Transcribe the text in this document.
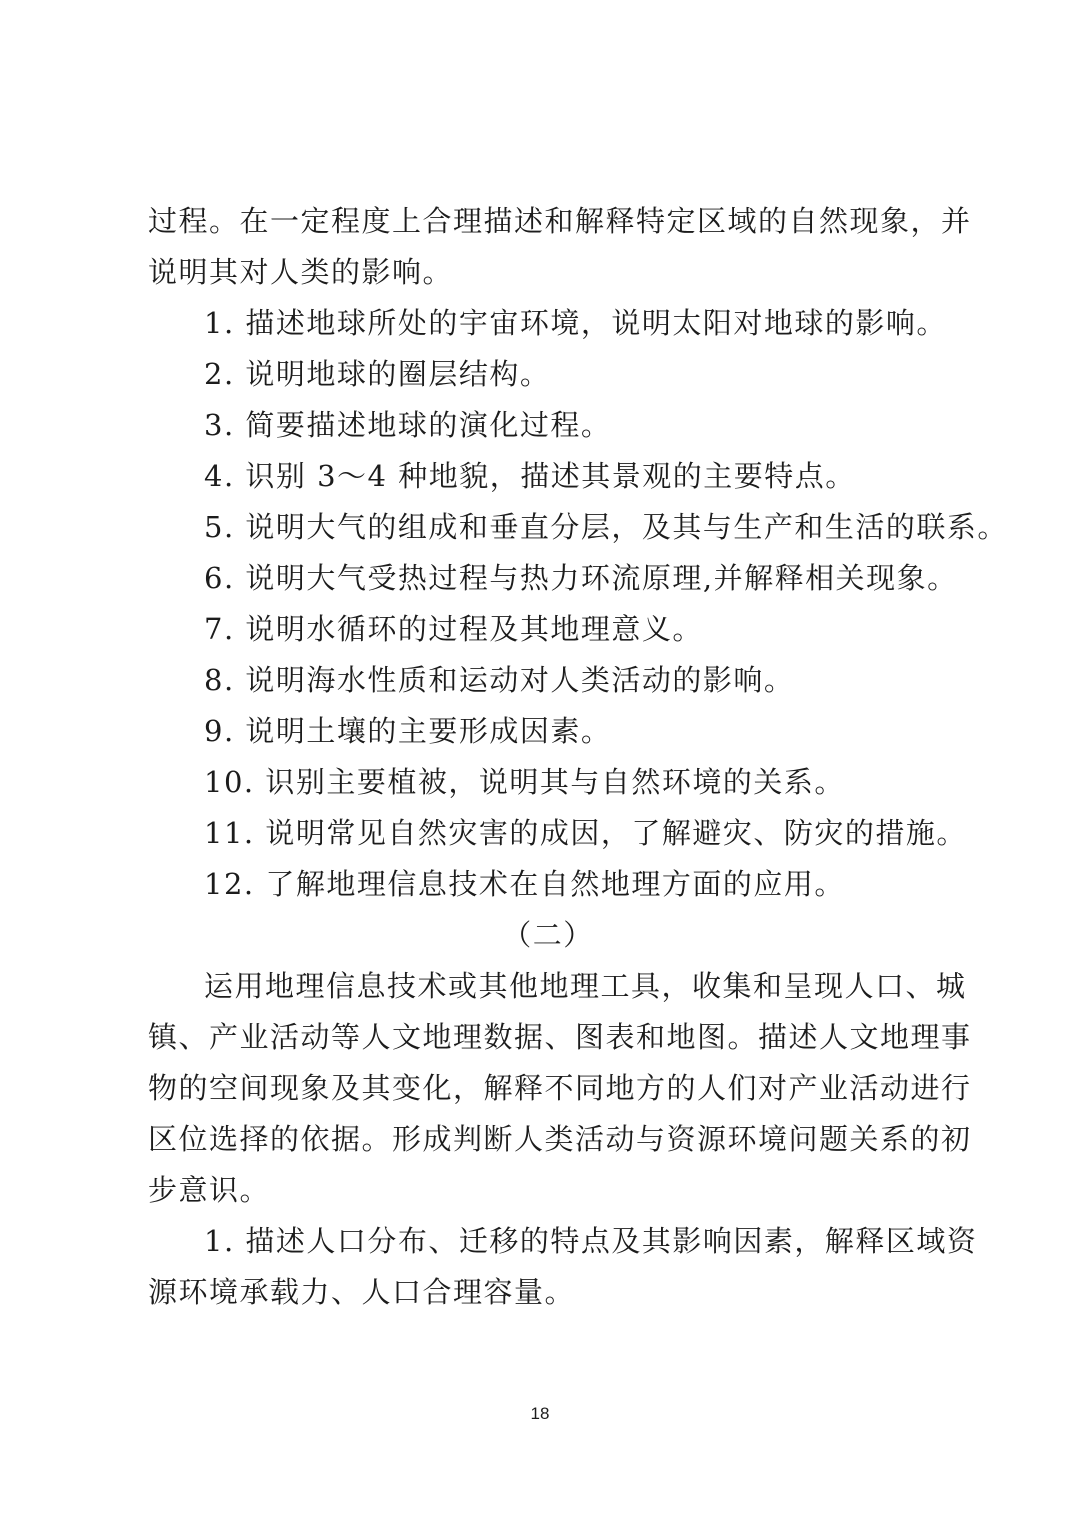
过程。在一定程度上合理描述和解释特定区域的自然现象，并
说明其对人类的影响。
1. 描述地球所处的宇宙环境，说明太阳对地球的影响。
2. 说明地球的圈层结构。
3. 简要描述地球的演化过程。
4. 识别 3～4 种地貌，描述其景观的主要特点。
5. 说明大气的组成和垂直分层，及其与生产和生活的联系。
6. 说明大气受热过程与热力环流原理,并解释相关现象。
7. 说明水循环的过程及其地理意义。
8. 说明海水性质和运动对人类活动的影响。
9. 说明土壤的主要形成因素。
10. 识别主要植被，说明其与自然环境的关系。
11. 说明常见自然灾害的成因，了解避灾、防灾的措施。
12. 了解地理信息技术在自然地理方面的应用。
（二）
运用地理信息技术或其他地理工具，收集和呈现人口、城
镇、产业活动等人文地理数据、图表和地图。描述人文地理事
物的空间现象及其变化，解释不同地方的人们对产业活动进行
区位选择的依据。形成判断人类活动与资源环境问题关系的初
步意识。
1. 描述人口分布、迁移的特点及其影响因素，解释区域资
源环境承载力、人口合理容量。
18
